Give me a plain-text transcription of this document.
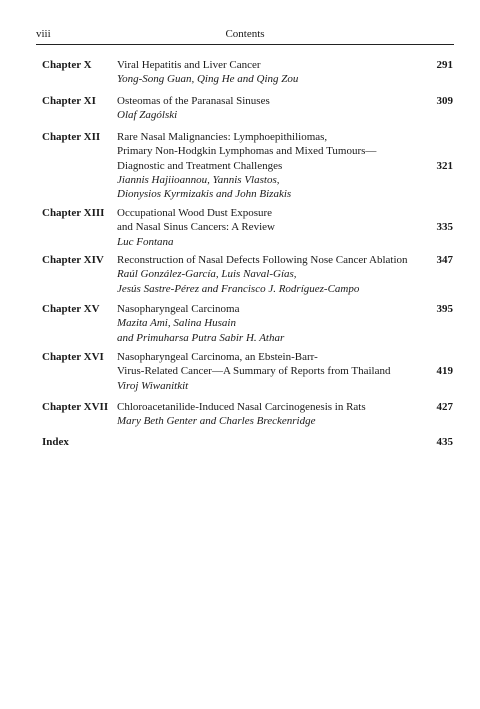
viii	Contents
Chapter X Viral Hepatitis and Liver Cancer
Yong-Song Guan, Qing He and Qing Zou
291
Chapter XI Osteomas of the Paranasal Sinuses
Olaf Zagólski
309
Chapter XII Rare Nasal Malignancies: Lymphoepithiliomas,
Primary Non-Hodgkin Lymphomas and Mixed Tumours—
Diagnostic and Treatment Challenges
Jiannis Hajiioannou, Yannis Vlastos,
Dionysios Kyrmizakis and John Bizakis
321
Chapter XIII Occupational Wood Dust Exposure
and Nasal Sinus Cancers: A Review
Luc Fontana
335
Chapter XIV Reconstruction of Nasal Defects Following Nose Cancer Ablation
Raúl González-García, Luis Naval-Gías,
Jesús Sastre-Pérez and Francisco J. Rodríguez-Campo
347
Chapter XV Nasopharyngeal Carcinoma
Mazita Ami, Salina Husain
and Primuharsa Putra Sabir H. Athar
395
Chapter XVI Nasopharyngeal Carcinoma, an Ebstein-Barr-
Virus-Related Cancer—A Summary of Reports from Thailand
Viroj Wiwanitkit
419
Chapter XVII Chloroacetanilide-Induced Nasal Carcinogenesis in Rats
Mary Beth Genter and Charles Breckenridge
427
Index	435
